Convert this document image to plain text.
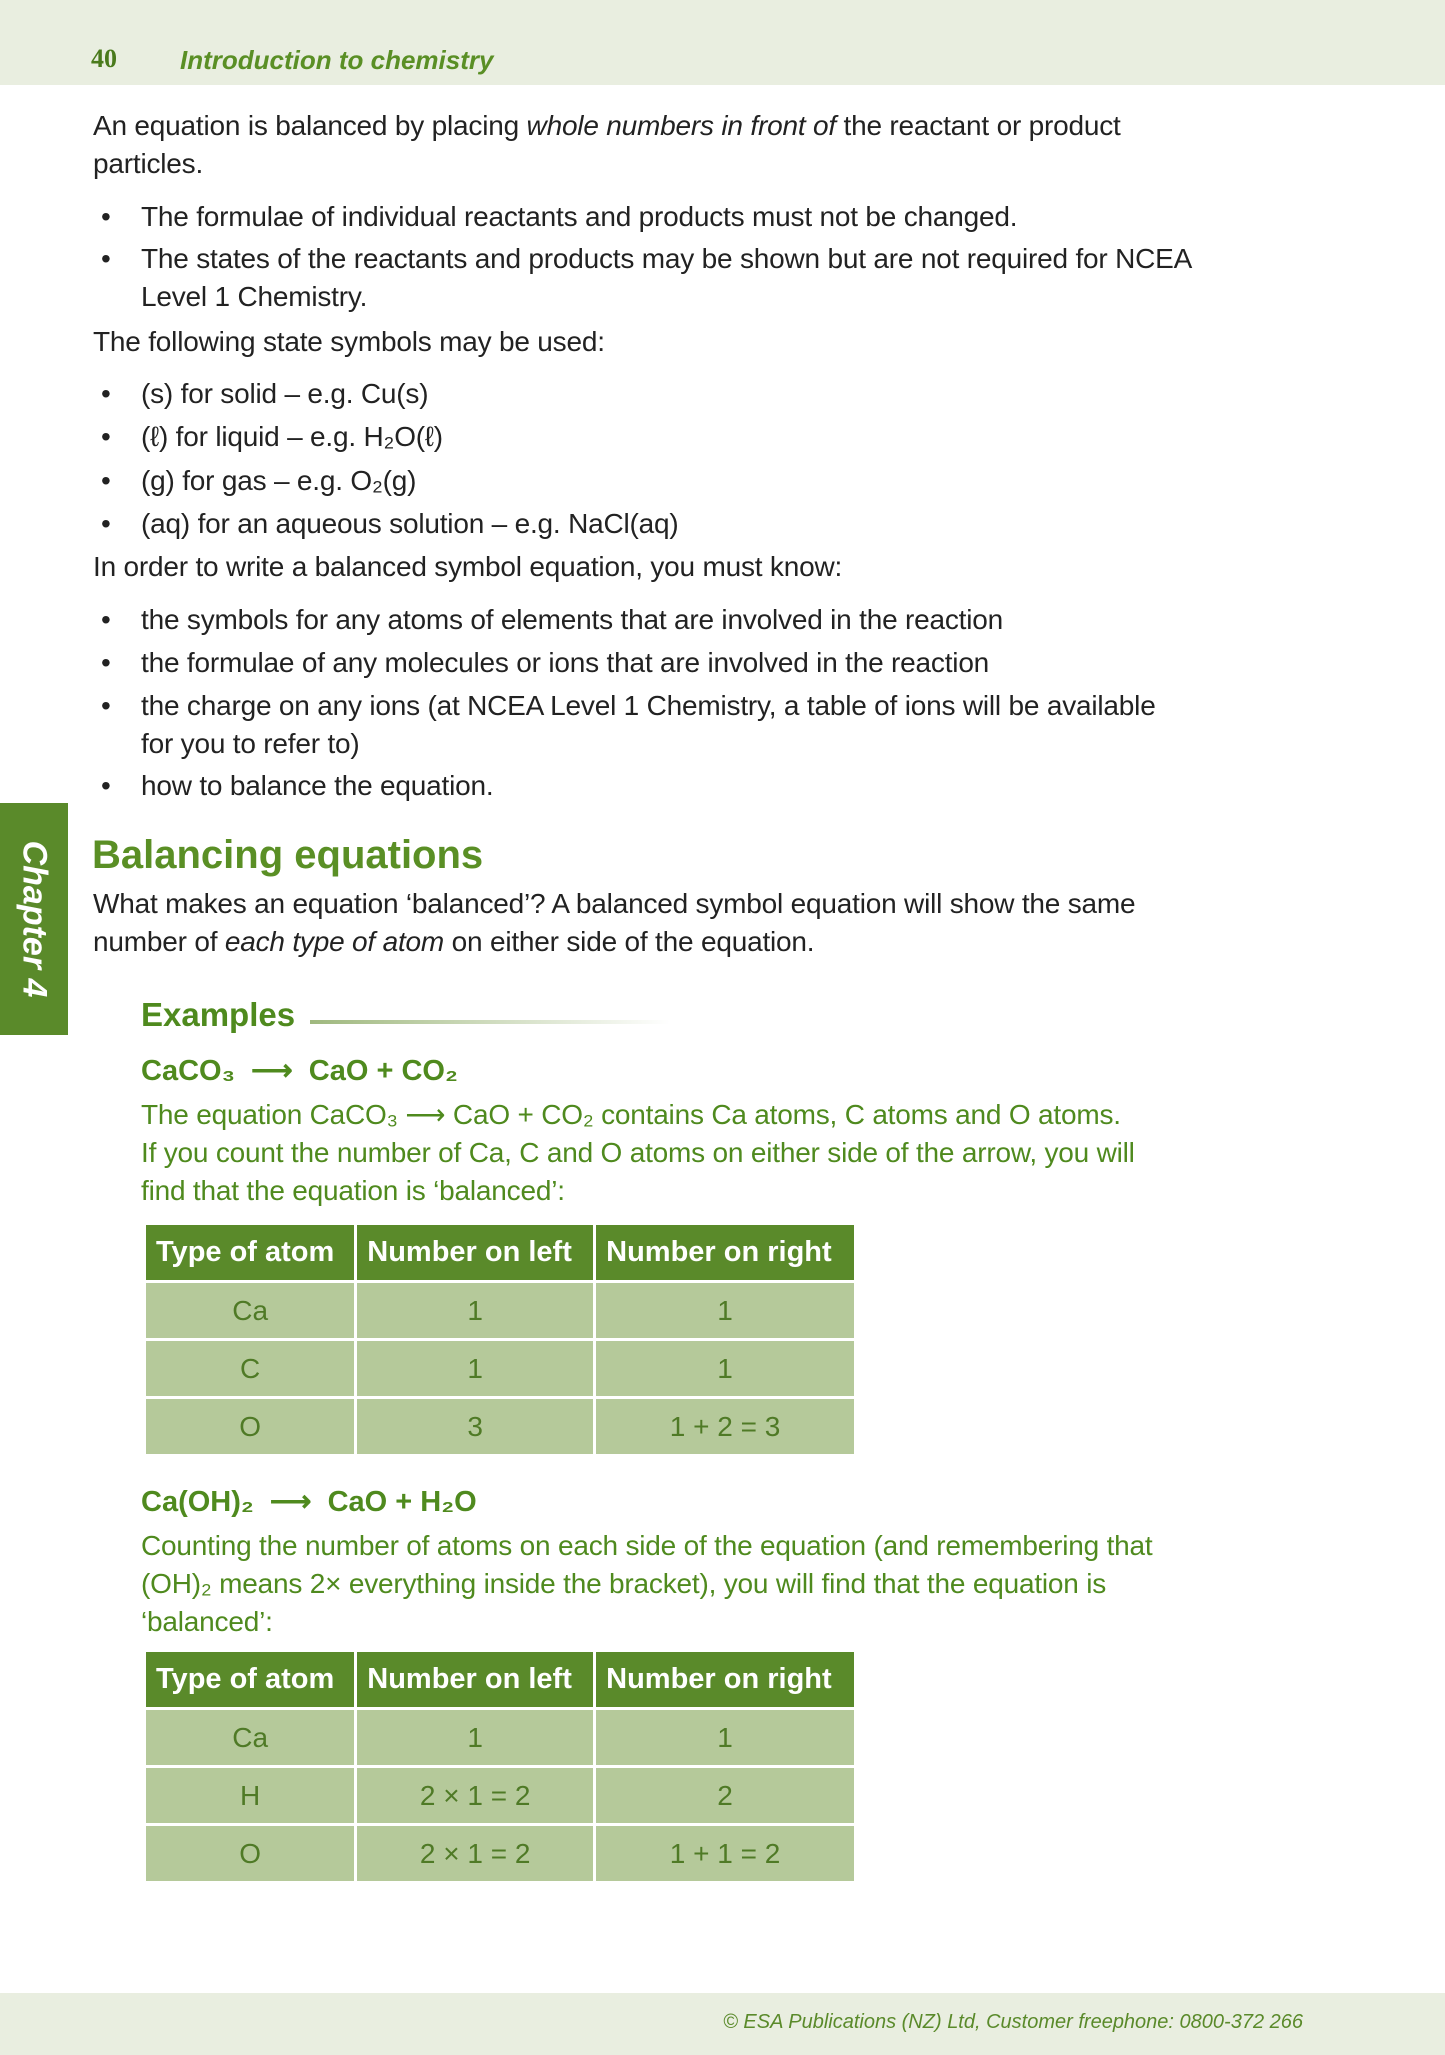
40 Introduction to chemistry
An equation is balanced by placing whole numbers in front of the reactant or product
particles.
• The formulae of individual reactants and products must not be changed.
• The states of the reactants and products may be shown but are not required for NCEA
Level 1 Chemistry.
The following state symbols may be used:
• (s) for solid – e.g. Cu(s)
• (ℓ) for liquid – e.g. H₂O(ℓ)
• (g) for gas – e.g. O₂(g)
• (aq) for an aqueous solution – e.g. NaCl(aq)
In order to write a balanced symbol equation, you must know:
• the symbols for any atoms of elements that are involved in the reaction
• the formulae of any molecules or ions that are involved in the reaction
• the charge on any ions (at NCEA Level 1 Chemistry, a table of ions will be available
for you to refer to)
• how to balance the equation.
Chapter 4 Balancing equations
What makes an equation ‘balanced’? A balanced symbol equation will show the same
number of each type of atom on either side of the equation.
Examples
CaCO₃  ⟶  CaO + CO₂
The equation CaCO₃ ⟶ CaO + CO₂ contains Ca atoms, C atoms and O atoms.
If you count the number of Ca, C and O atoms on either side of the arrow, you will
find that the equation is ‘balanced’:
Type of atom	Number on left	Number on right
Ca	1	1
C	1	1
O	3	1 + 2 = 3
Ca(OH)₂  ⟶  CaO + H₂O
Counting the number of atoms on each side of the equation (and remembering that
(OH)₂ means 2× everything inside the bracket), you will find that the equation is
‘balanced’:
Type of atom	Number on left	Number on right
Ca	1	1
H	2 × 1 = 2	2
O	2 × 1 = 2	1 + 1 = 2
© ESA Publications (NZ) Ltd, Customer freephone: 0800-372 266
